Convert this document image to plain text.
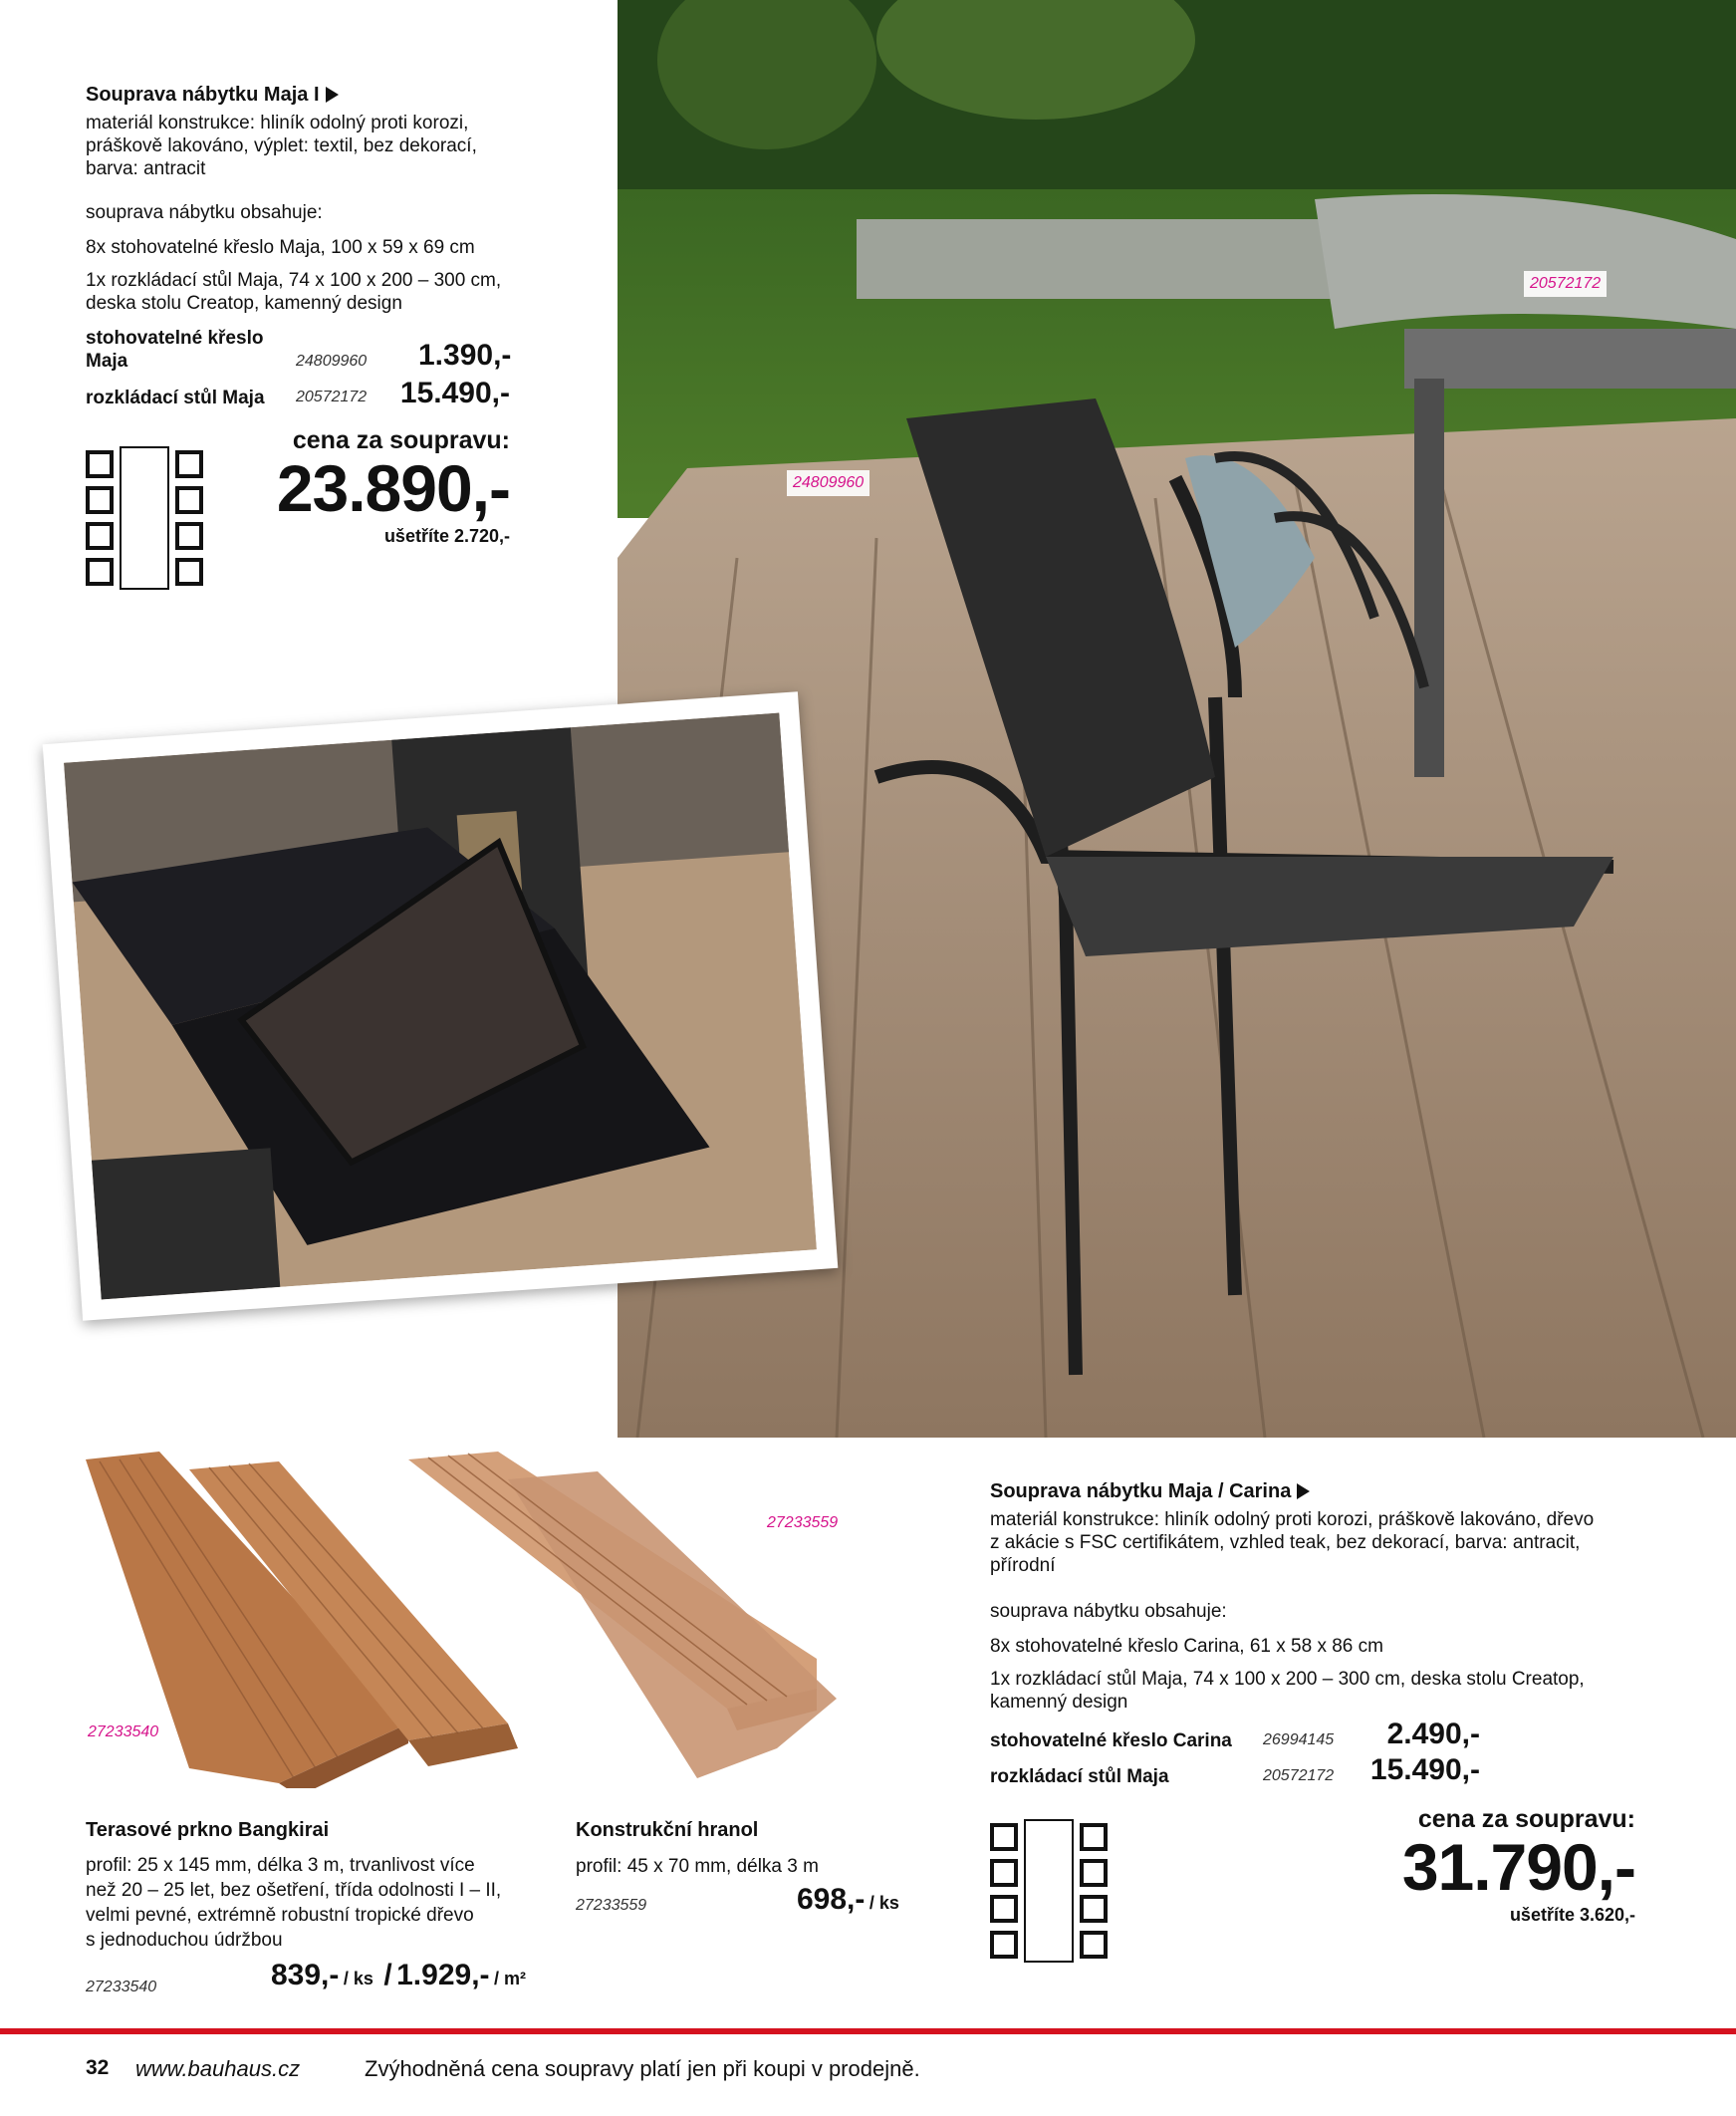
24809960
20572172
Souprava nábytku Maja I
materiál konstrukce: hliník odolný proti korozi,
práškově lakováno, výplet: textil, bez dekorací,
barva: antracit
souprava nábytku obsahuje:
8x stohovatelné křeslo Maja, 100 x 59 x 69 cm
1x rozkládací stůl Maja, 74 x 100 x 200 – 300 cm,
deska stolu Creatop, kamenný design
stohovatelné křeslo
Maja	24809960 1.390,-
rozkládací stůl Maja 20572172 15.490,-
cena za soupravu:
23.890,-
ušetříte 2.720,-
27233559
27233540
Terasové prkno Bangkirai
profil: 25 x 145 mm, délka 3 m, trvanlivost více
než 20 – 25 let, bez ošetření, třída odolnosti I – II,
velmi pevné, extrémně robustní tropické dřevo
s jednoduchou údržbou
27233540	839,- / ks / 1.929,- / m²
Konstrukční hranol
profil: 45 x 70 mm, délka 3 m
27233559	698,- / ks
Souprava nábytku Maja / Carina
materiál konstrukce: hliník odolný proti korozi, práškově lakováno, dřevo
z akácie s FSC certifikátem, vzhled teak, bez dekorací, barva: antracit,
přírodní
souprava nábytku obsahuje:
8x stohovatelné křeslo Carina, 61 x 58 x 86 cm
1x rozkládací stůl Maja, 74 x 100 x 200 – 300 cm, deska stolu Creatop,
kamenný design
stohovatelné křeslo Carina 26994145	2.490,-
rozkládací stůl Maja	20572172	15.490,-
cena za soupravu:
31.790,-
ušetříte 3.620,-
32 www.bauhaus.cz	Zvýhodněná cena soupravy platí jen při koupi v prodejně.
